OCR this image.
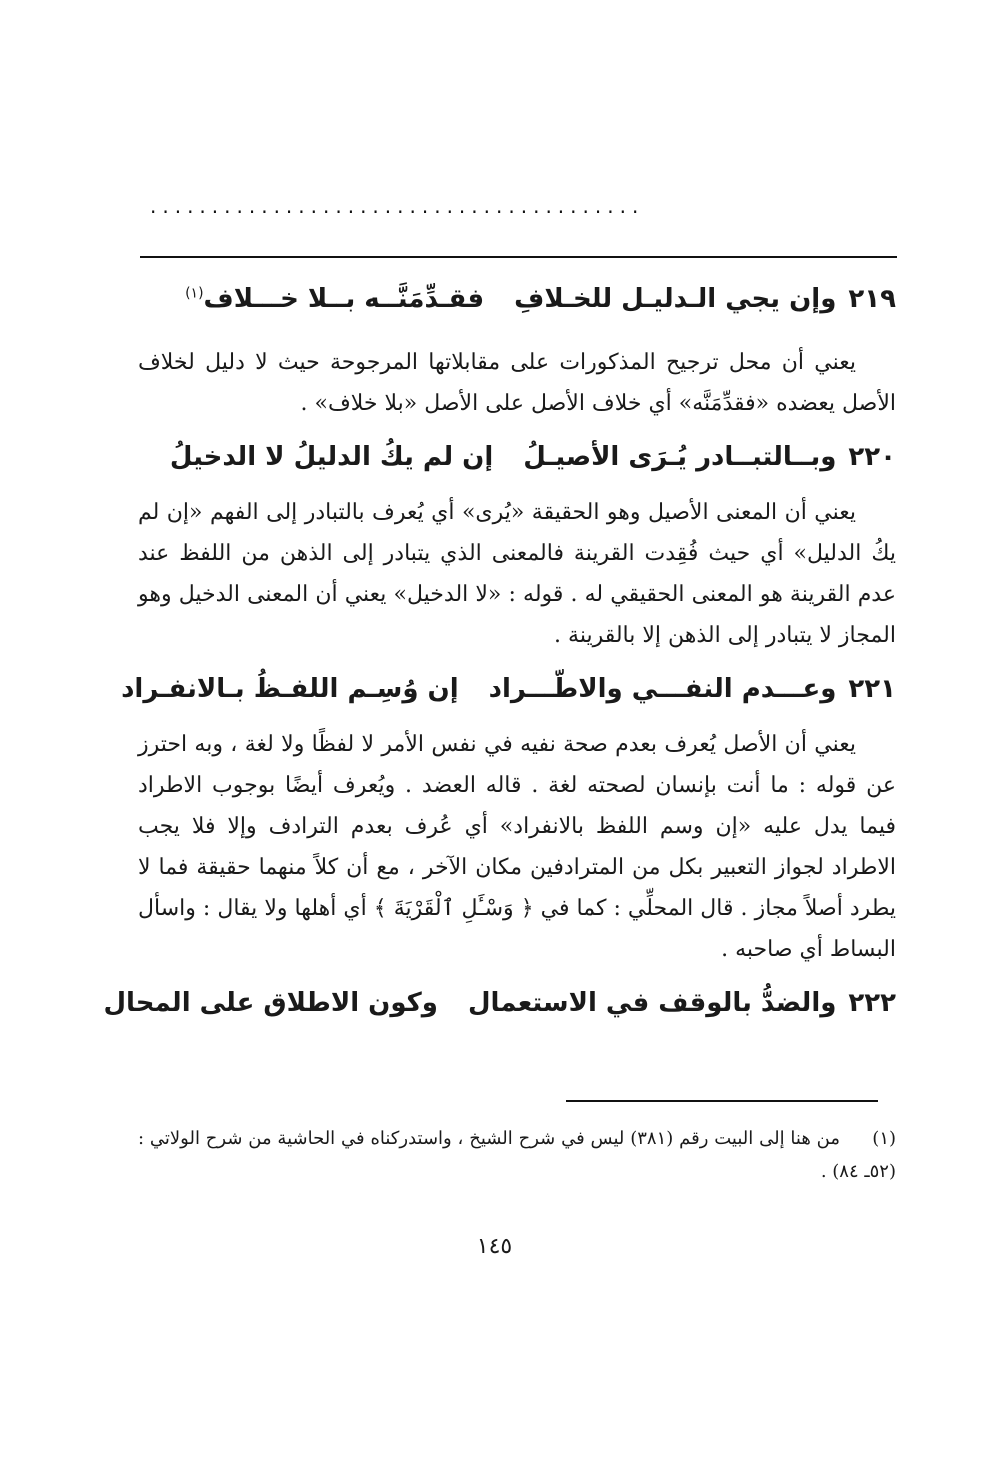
........................................
٢١٩
وإن يجي الـدليـل للخـلافِ
فقـدِّمَنَّــه بــلا خـــلاف$^{(١)}$

يعني أن محل ترجيح المذكورات على مقابلاتها المرجوحة حيث لا دليل لخلاف الأصل يعضده «فقدِّمَنَّه» أي خلاف الأصل على الأصل «بلا خلاف» .

٢٢٠
وبــالتبــادر يُـرَى الأصيـلُ
إن لم يكُ الدليلُ لا الدخيلُ

يعني أن المعنى الأصيل وهو الحقيقة «يُرى» أي يُعرف بالتبادر إلى الفهم «إن لم يكُ الدليل» أي حيث فُقِدت القرينة فالمعنى الذي يتبادر إلى الذهن من اللفظ عند عدم القرينة هو المعنى الحقيقي له . قوله : «لا الدخيل» يعني أن المعنى الدخيل وهو المجاز لا يتبادر إلى الذهن إلا بالقرينة .

٢٢١
وعـــدم النفـــي والاطّـــراد
إن وُسِـم اللفـظُ بـالانفـراد

يعني أن الأصل يُعرف بعدم صحة نفيه في نفس الأمر لا لفظًا ولا لغة ، وبه احترز عن قوله : ما أنت بإنسان لصحته لغة . قاله العضد . ويُعرف أيضًا بوجوب الاطراد فيما يدل عليه «إن وسم اللفظ بالانفراد» أي عُرف بعدم الترادف وإلا فلا يجب الاطراد لجواز التعبير بكل من المترادفين مكان الآخر ، مع أن كلاً منهما حقيقة فما لا يطرد أصلاً مجاز . قال المحلِّي : كما في ﴿ وَسْـَٔلِ ٱلْقَرْيَةَ ﴾ أي أهلها ولا يقال : واسأل البساط أي صاحبه .

٢٢٢
والضدُّ بالوقف في الاستعمال
وكون الاطلاق على المحال
(١)من هنا إلى البيت رقم (٣٨١) ليس في شرح الشيخ ، واستدركناه في الحاشية من شرح الولاتي : (٥٢ـ ٨٤) .
١٤٥
